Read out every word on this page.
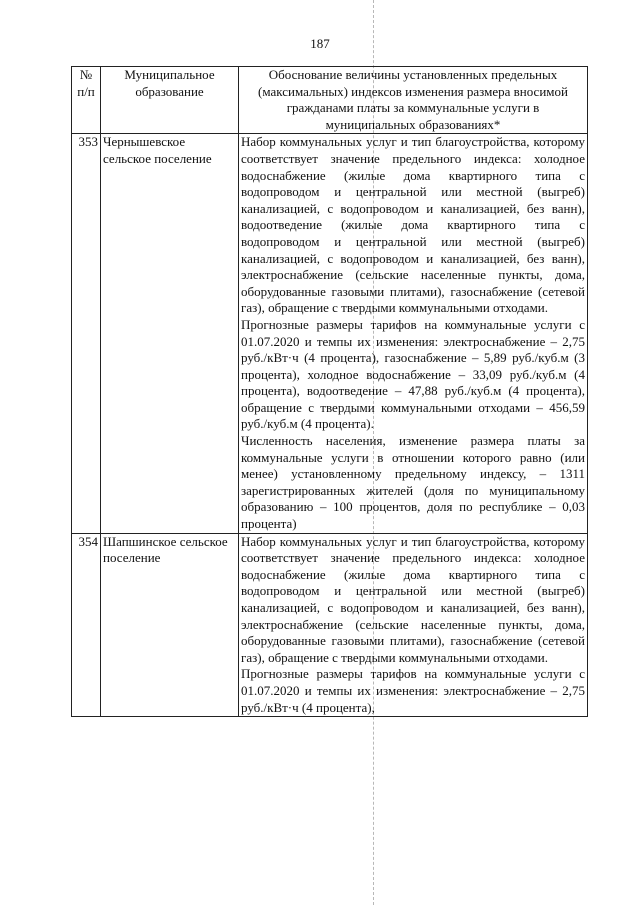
187
№ п/п	Муниципальное образование	Обоснование величины установленных предельных (максимальных) индексов изменения размера вносимой гражданами платы за коммунальные услуги в муниципальных образованиях*
353	Чернышевское сельское поселение	Набор коммунальных услуг и тип благоустройства, которому соответствует значение предельного индекса: холодное водоснабжение (жилые дома квартирного типа с водопроводом и центральной или местной (выгреб) канализацией, с водопроводом и канализацией, без ванн), водоотведение (жилые дома квартирного типа с водопроводом и центральной или местной (выгреб) канализацией, с водопроводом и канализацией, без ванн), электроснабжение (сельские населенные пункты, дома, оборудованные газовыми плитами), газоснабжение (сетевой газ), обращение с твердыми коммунальными отходами.

Прогнозные размеры тарифов на коммунальные услуги с 01.07.2020 и темпы их изменения: электроснабжение – 2,75 руб./кВт·ч (4 процента), газоснабжение – 5,89 руб./куб.м (3 процента), холодное водоснабжение – 33,09 руб./куб.м (4 процента), водоотведение – 47,88 руб./куб.м (4 процента), обращение с твердыми коммунальными отходами – 456,59 руб./куб.м (4 процента).

Численность населения, изменение размера платы за коммунальные услуги в отношении которого равно (или менее) установленному предельному индексу, – 1311 зарегистрированных жителей (доля по муниципальному образованию – 100 процентов, доля по республике – 0,03 процента)

354	Шапшинское сельское поселение	Набор коммунальных услуг и тип благоустройства, которому соответствует значение предельного индекса: холодное водоснабжение (жилые дома квартирного типа с водопроводом и центральной или местной (выгреб) канализацией, с водопроводом и канализацией, без ванн), электроснабжение (сельские населенные пункты, дома, оборудованные газовыми плитами), газоснабжение (сетевой газ), обращение с твердыми коммунальными отходами.

Прогнозные размеры тарифов на коммунальные услуги с 01.07.2020 и темпы их изменения: электроснабжение – 2,75 руб./кВт·ч (4 процента),
